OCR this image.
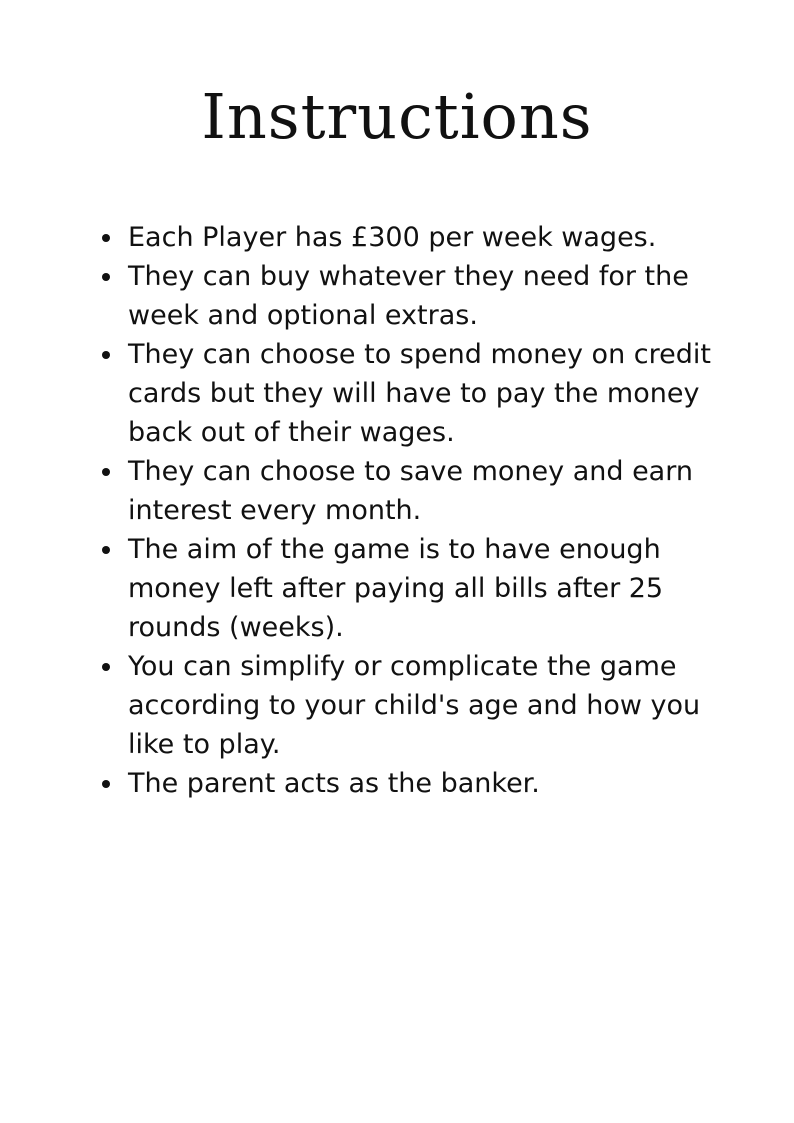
Instructions
Each Player has £300 per week wages.
They can buy whatever they need for the week and optional extras.
They can choose to spend money on credit cards but they will have to pay the money back out of their wages.
They can choose to save money and earn interest every month.
The aim of the game is to have enough money left after paying all bills after 25 rounds (weeks).
You can simplify or complicate the game according to your child's age and how you like to play.
The parent acts as the banker.
